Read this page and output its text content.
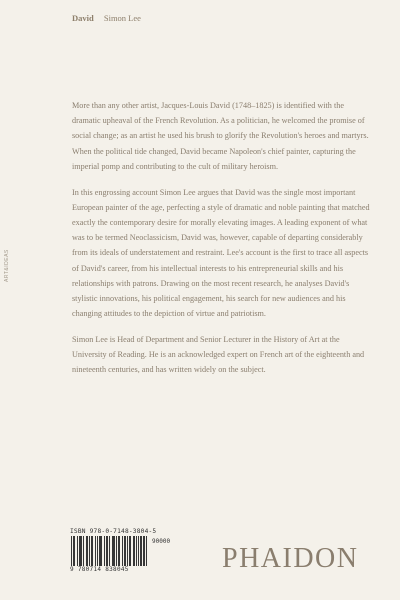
David Simon Lee
ART&IDEAS

More than any other artist, Jacques-Louis David (1748–1825) is identified with the dramatic upheaval of the French Revolution. As a politician, he welcomed the promise of social change; as an artist he used his brush to glorify the Revolution's heroes and martyrs. When the political tide changed, David became Napoleon's chief painter, capturing the imperial pomp and contributing to the cult of military heroism.

In this engrossing account Simon Lee argues that David was the single most important European painter of the age, perfecting a style of dramatic and noble painting that matched exactly the contemporary desire for morally elevating images. A leading exponent of what was to be termed Neoclassicism, David was, however, capable of departing considerably from its ideals of understatement and restraint. Lee's account is the first to trace all aspects of David's career, from his intellectual interests to his entrepreneurial skills and his relationships with patrons. Drawing on the most recent research, he analyses David's stylistic innovations, his political engagement, his search for new audiences and his changing attitudes to the depiction of virtue and patriotism.

Simon Lee is Head of Department and Senior Lecturer in the History of Art at the University of Reading. He is an acknowledged expert on French art of the eighteenth and nineteenth centuries, and has written widely on the subject.

ISBN 978-0-7148-3804-5
90000
9 780714 838045	PHAIDON
